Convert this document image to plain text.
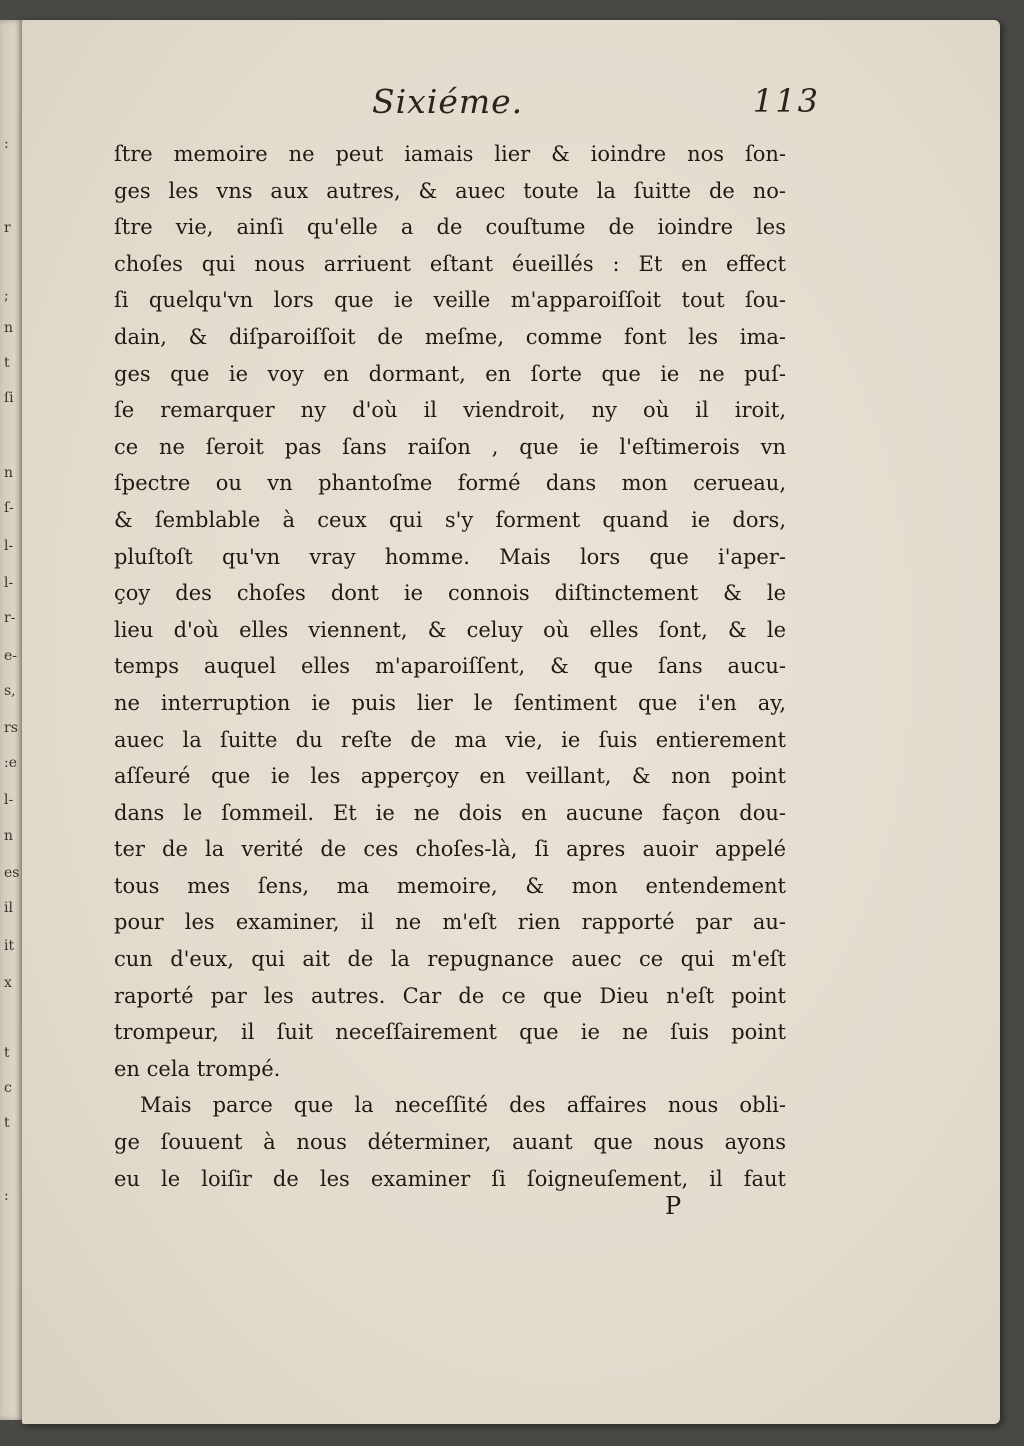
:
r
;
n
t
ſi
n
ſ-
l-
l-
r-
e-
s,
rs
:e
l-
n
es
il
it
x
t
c
t
:
Sixiéme.	113
ſtre memoire ne peut iamais lier & ioindre nos ſon-
ges les vns aux autres, & auec toute la ſuitte de no-
ſtre vie, ainſi qu'elle a de couſtume de ioindre les
choſes qui nous arriuent eſtant éueillés : Et en effect
ſi quelqu'vn lors que ie veille m'apparoiſſoit tout ſou-
dain, & diſparoiſſoit de meſme, comme font les ima-
ges que ie voy en dormant, en ſorte que ie ne puſ-
ſe remarquer ny d'où il viendroit, ny où il iroit,
ce ne ſeroit pas ſans raiſon , que ie l'eſtimerois vn
ſpectre ou vn phantoſme formé dans mon cerueau,
& ſemblable à ceux qui s'y forment quand ie dors,
pluſtoſt qu'vn vray homme. Mais lors que i'aper-
çoy des choſes dont ie connois diſtinctement & le
lieu d'où elles viennent, & celuy où elles ſont, & le
temps auquel elles m'aparoiſſent, & que ſans aucu-
ne interruption ie puis lier le ſentiment que i'en ay,
auec la ſuitte du reſte de ma vie, ie ſuis entierement
aſſeuré que ie les apperçoy en veillant, & non point
dans le ſommeil. Et ie ne dois en aucune façon dou-
ter de la verité de ces choſes-là, ſi apres auoir appelé
tous mes ſens, ma memoire, & mon entendement
pour les examiner, il ne m'eſt rien rapporté par au-
cun d'eux, qui ait de la repugnance auec ce qui m'eſt
raporté par les autres. Car de ce que Dieu n'eſt point
trompeur, il ſuit neceſſairement que ie ne ſuis point
en cela trompé.
Mais parce que la neceſſité des affaires nous obli-
ge ſouuent à nous déterminer, auant que nous ayons
eu le loiſir de les examiner ſi ſoigneuſement, il faut
P
